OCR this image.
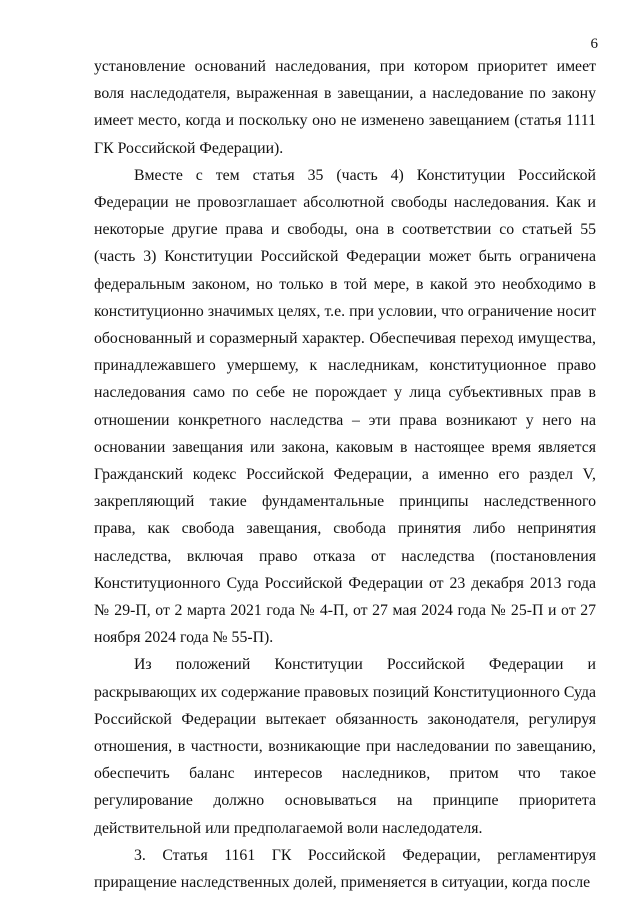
6

установление оснований наследования, при котором приоритет имеет воля наследодателя, выраженная в завещании, а наследование по закону имеет место, когда и поскольку оно не изменено завещанием (статья 1111 ГК Российской Федерации).

Вместе с тем статья 35 (часть 4) Конституции Российской Федерации не провозглашает абсолютной свободы наследования. Как и некоторые другие права и свободы, она в соответствии со статьей 55 (часть 3) Конституции Российской Федерации может быть ограничена федеральным законом, но только в той мере, в какой это необходимо в конституционно значимых целях, т.е. при условии, что ограничение носит обоснованный и соразмерный характер. Обеспечивая переход имущества, принадлежавшего умершему, к наследникам, конституционное право наследования само по себе не порождает у лица субъективных прав в отношении конкретного наследства – эти права возникают у него на основании завещания или закона, каковым в настоящее время является Гражданский кодекс Российской Федерации, а именно его раздел V, закрепляющий такие фундаментальные принципы наследственного права, как свобода завещания, свобода принятия либо непринятия наследства, включая право отказа от наследства (постановления Конституционного Суда Российской Федерации от 23 декабря 2013 года № 29-П, от 2 марта 2021 года № 4-П, от 27 мая 2024 года № 25-П и от 27 ноября 2024 года № 55-П).

Из положений Конституции Российской Федерации и раскрывающих их содержание правовых позиций Конституционного Суда Российской Федерации вытекает обязанность законодателя, регулируя отношения, в частности, возникающие при наследовании по завещанию, обеспечить баланс интересов наследников, притом что такое регулирование должно основываться на принципе приоритета действительной или предполагаемой воли наследодателя.

3. Статья 1161 ГК Российской Федерации, регламентируя приращение наследственных долей, применяется в ситуации, когда после
